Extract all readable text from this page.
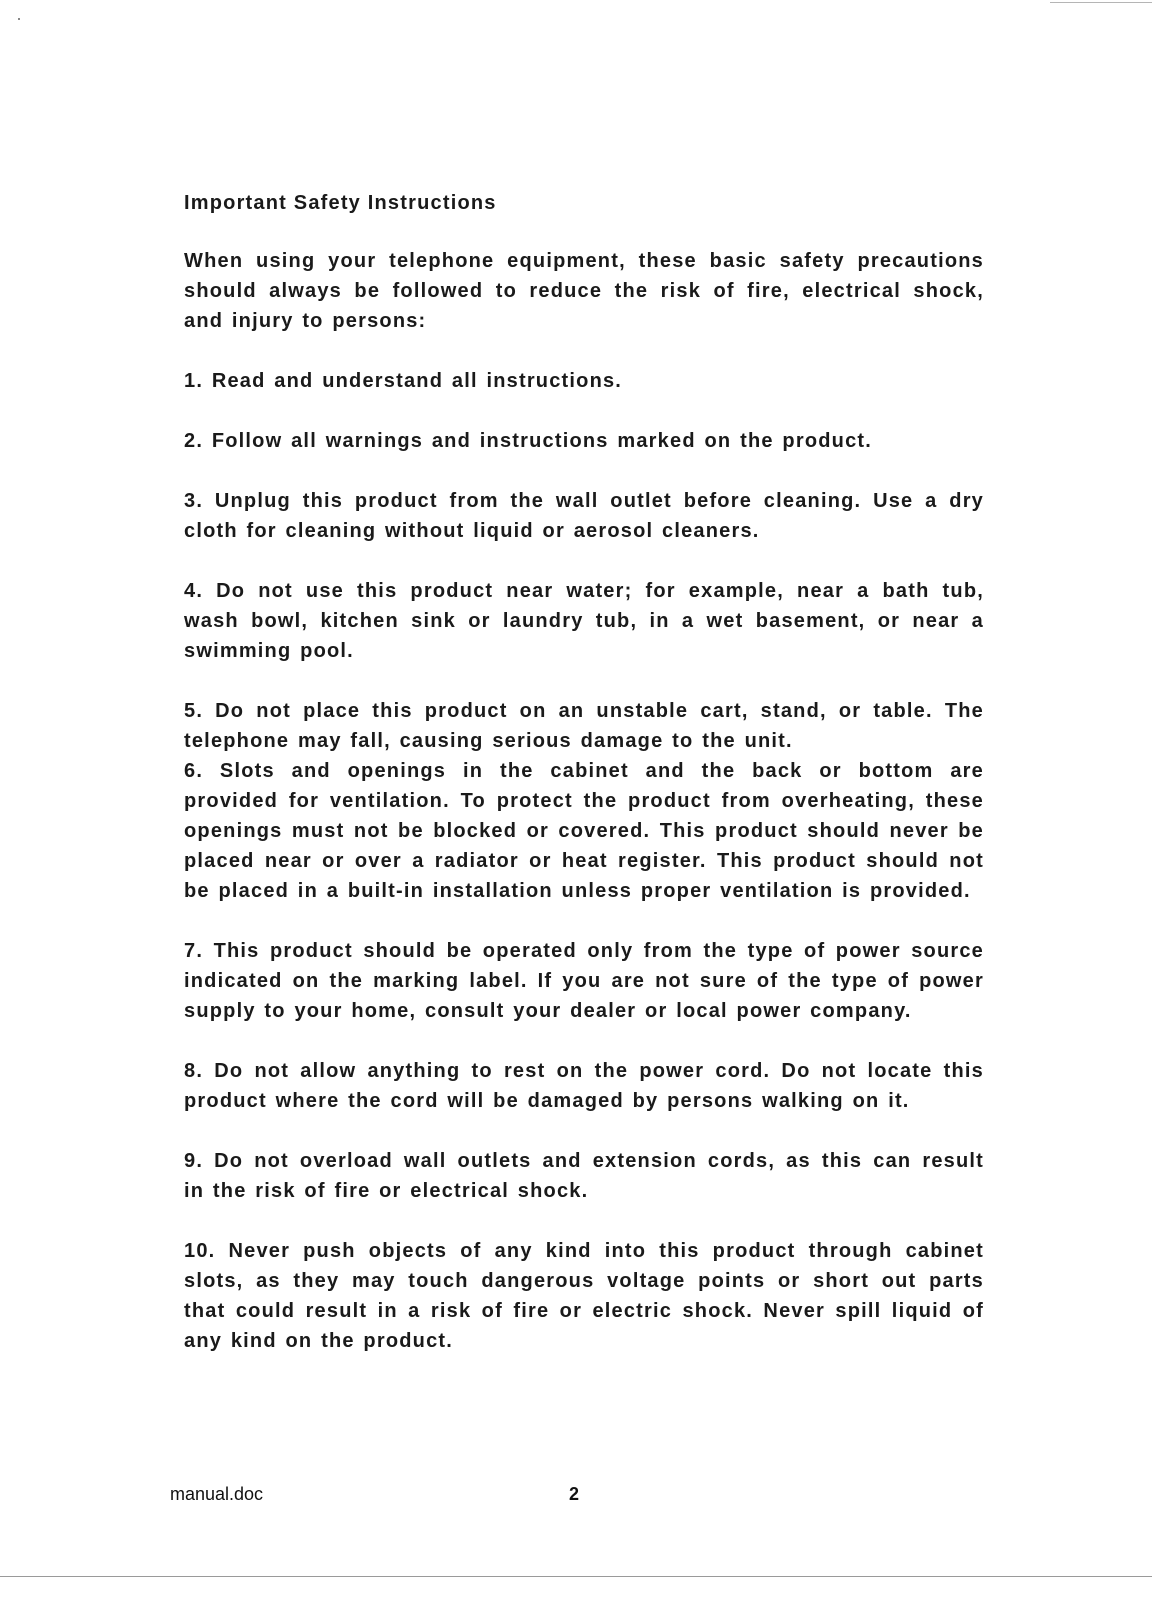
Important Safety Instructions

When using your telephone equipment, these basic safety precautions should always be followed to reduce the risk of fire, electrical shock, and injury to persons:

1. Read and understand all instructions.

2. Follow all warnings and instructions marked on the product.

3. Unplug this product from the wall outlet before cleaning. Use a dry cloth for cleaning without liquid or aerosol cleaners.

4. Do not use this product near water; for example, near a bath tub, wash bowl, kitchen sink or laundry tub, in a wet basement, or near a swimming pool.

5. Do not place this product on an unstable cart, stand, or table. The telephone may fall, causing serious damage to the unit.

6. Slots and openings in the cabinet and the back or bottom are provided for ventilation. To protect the product from overheating, these openings must not be blocked or covered. This product should never be placed near or over a radiator or heat register. This product should not be placed in a built-in installation unless proper ventilation is provided.

7. This product should be operated only from the type of power source indicated on the marking label. If you are not sure of the type of power supply to your home, consult your dealer or local power company.

8. Do not allow anything to rest on the power cord. Do not locate this product where the cord will be damaged by persons walking on it.

9. Do not overload wall outlets and extension cords, as this can result in the risk of fire or electrical shock.

10. Never push objects of any kind into this product through cabinet slots, as they may touch dangerous voltage points or short out parts that could result in a risk of fire or electric shock. Never spill liquid of any kind on the product.

manual.doc	2
